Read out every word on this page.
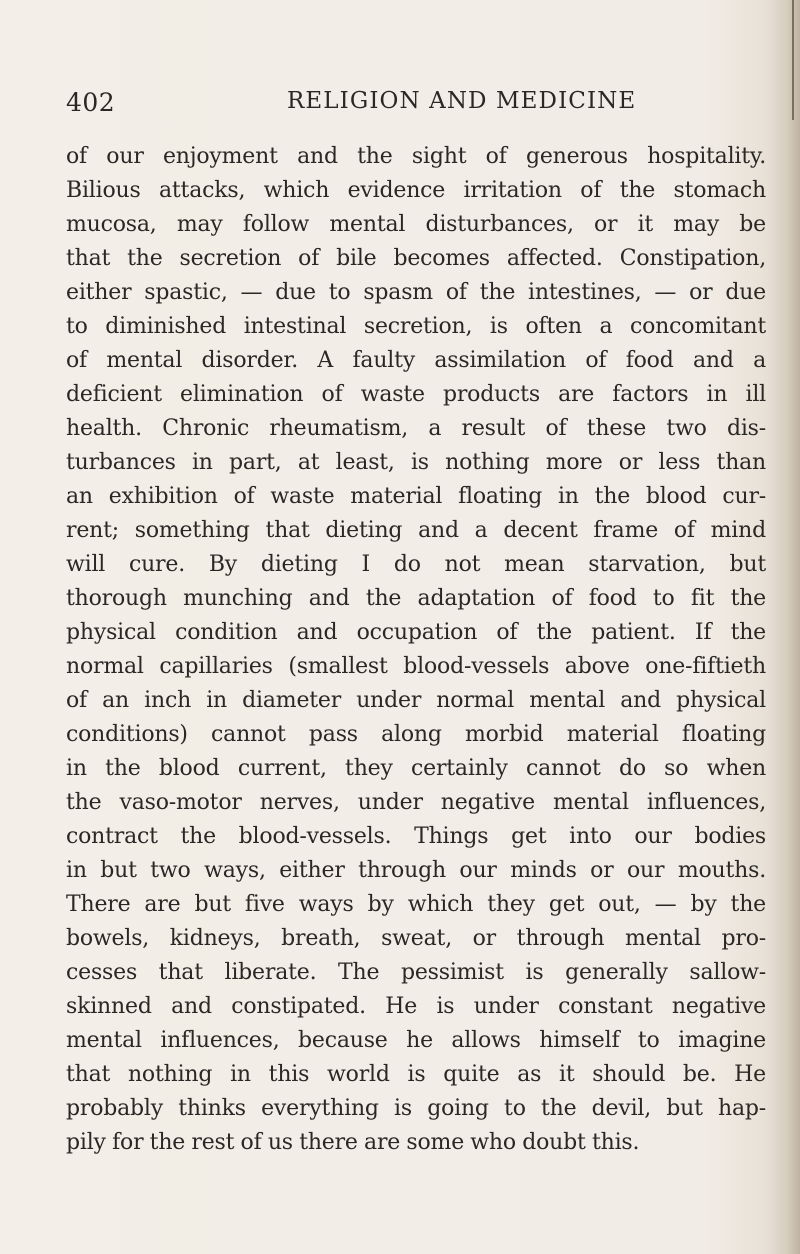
402	RELIGION AND MEDICINE
of our enjoyment and the sight of generous hospitality.
Bilious attacks, which evidence irritation of the stomach
mucosa, may follow mental disturbances, or it may be
that the secretion of bile becomes affected. Constipation,
either spastic, — due to spasm of the intestines, — or due
to diminished intestinal secretion, is often a concomitant
of mental disorder. A faulty assimilation of food and a
deficient elimination of waste products are factors in ill
health. Chronic rheumatism, a result of these two dis-
turbances in part, at least, is nothing more or less than
an exhibition of waste material floating in the blood cur-
rent; something that dieting and a decent frame of mind
will cure. By dieting I do not mean starvation, but
thorough munching and the adaptation of food to fit the
physical condition and occupation of the patient. If the
normal capillaries (smallest blood-vessels above one-fiftieth
of an inch in diameter under normal mental and physical
conditions) cannot pass along morbid material floating
in the blood current, they certainly cannot do so when
the vaso-motor nerves, under negative mental influences,
contract the blood-vessels. Things get into our bodies
in but two ways, either through our minds or our mouths.
There are but five ways by which they get out, — by the
bowels, kidneys, breath, sweat, or through mental pro-
cesses that liberate. The pessimist is generally sallow-
skinned and constipated. He is under constant negative
mental influences, because he allows himself to imagine
that nothing in this world is quite as it should be. He
probably thinks everything is going to the devil, but hap-
pily for the rest of us there are some who doubt this.
